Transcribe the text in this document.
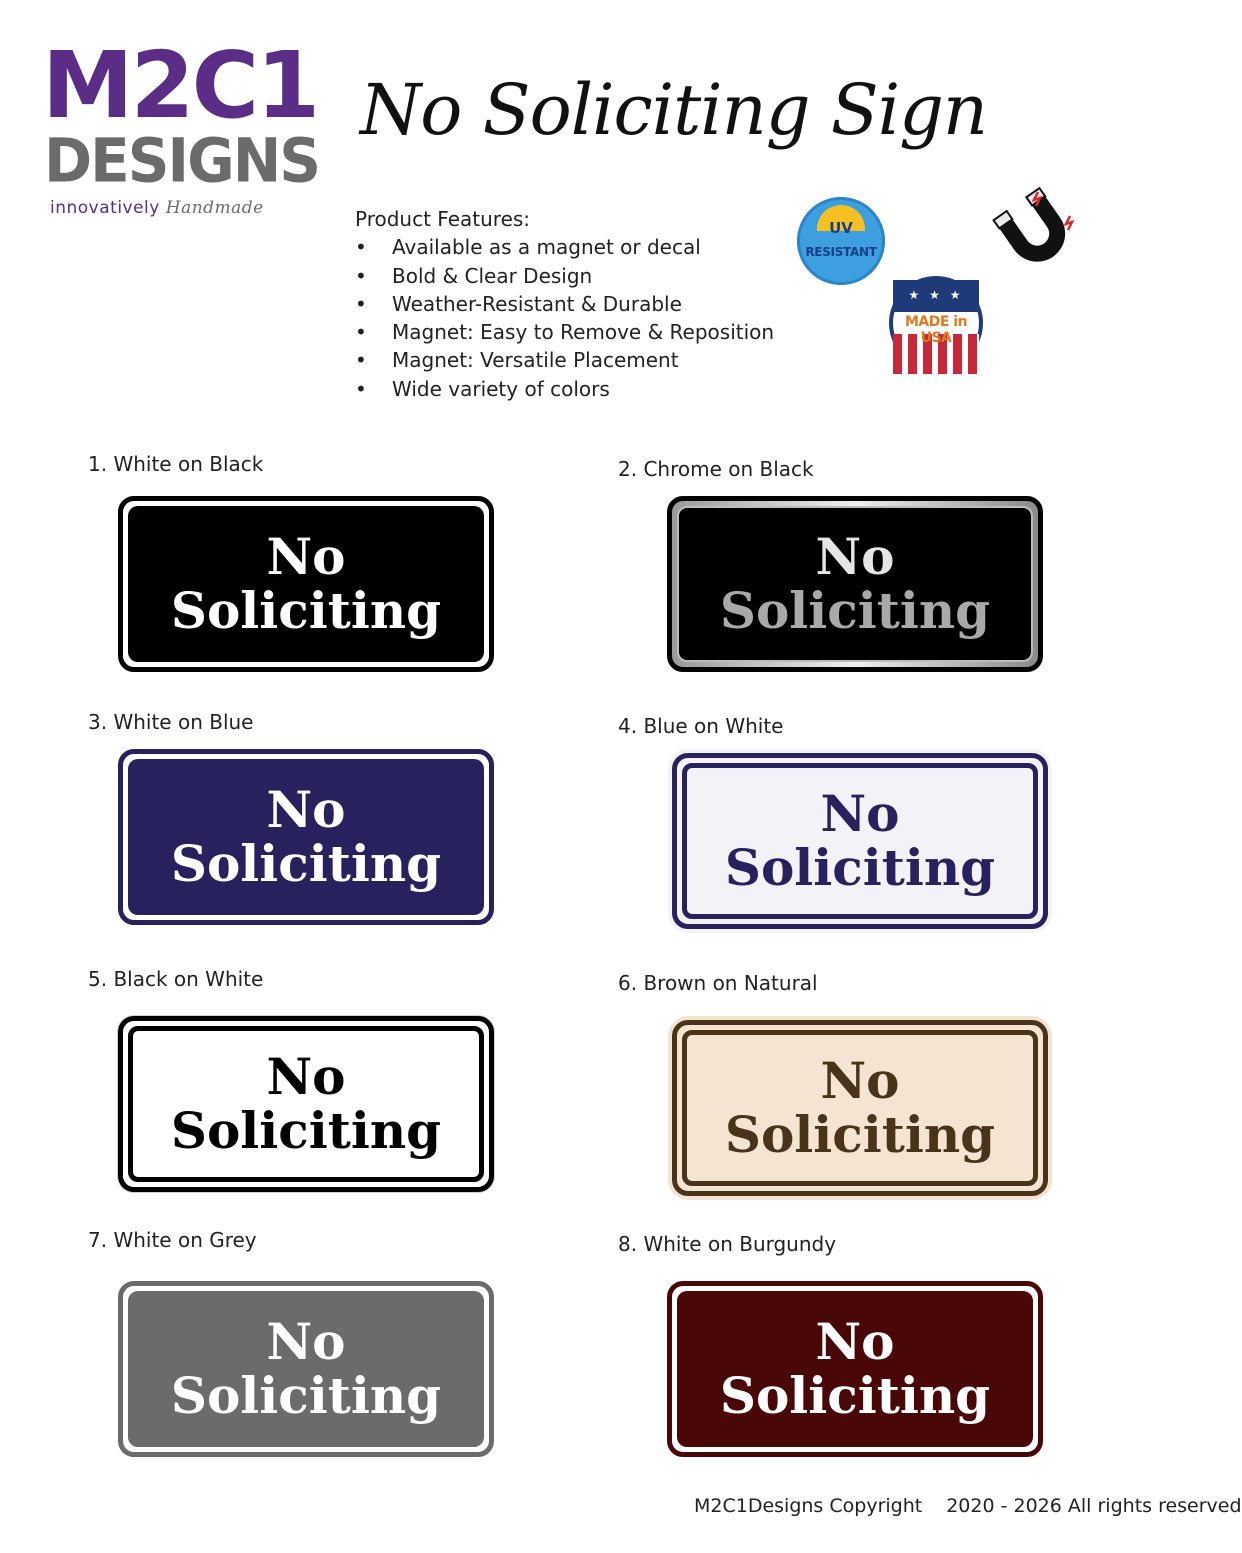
M2C1
DESIGNS
innovatively Handmade
No Soliciting Sign

Product Features:

• Available as a magnet or decal
• Bold & Clear Design
• Weather-Resistant & Durable
• Magnet: Easy to Remove & Reposition
• Magnet: Versatile Placement
• Wide variety of colors
UV
RESISTANT
★ ★ ★
MADE in USA
1. White on Black
No
Soliciting
2. Chrome on Black
No
Soliciting
3. White on Blue
No
Soliciting
4. Blue on White
No
Soliciting
5. Black on White
No
Soliciting
6. Brown on Natural
No
Soliciting
7. White on Grey
No
Soliciting
8. White on Burgundy
No
Soliciting
M2C1Designs Copyright 2020 - 2026 All rights reserved
